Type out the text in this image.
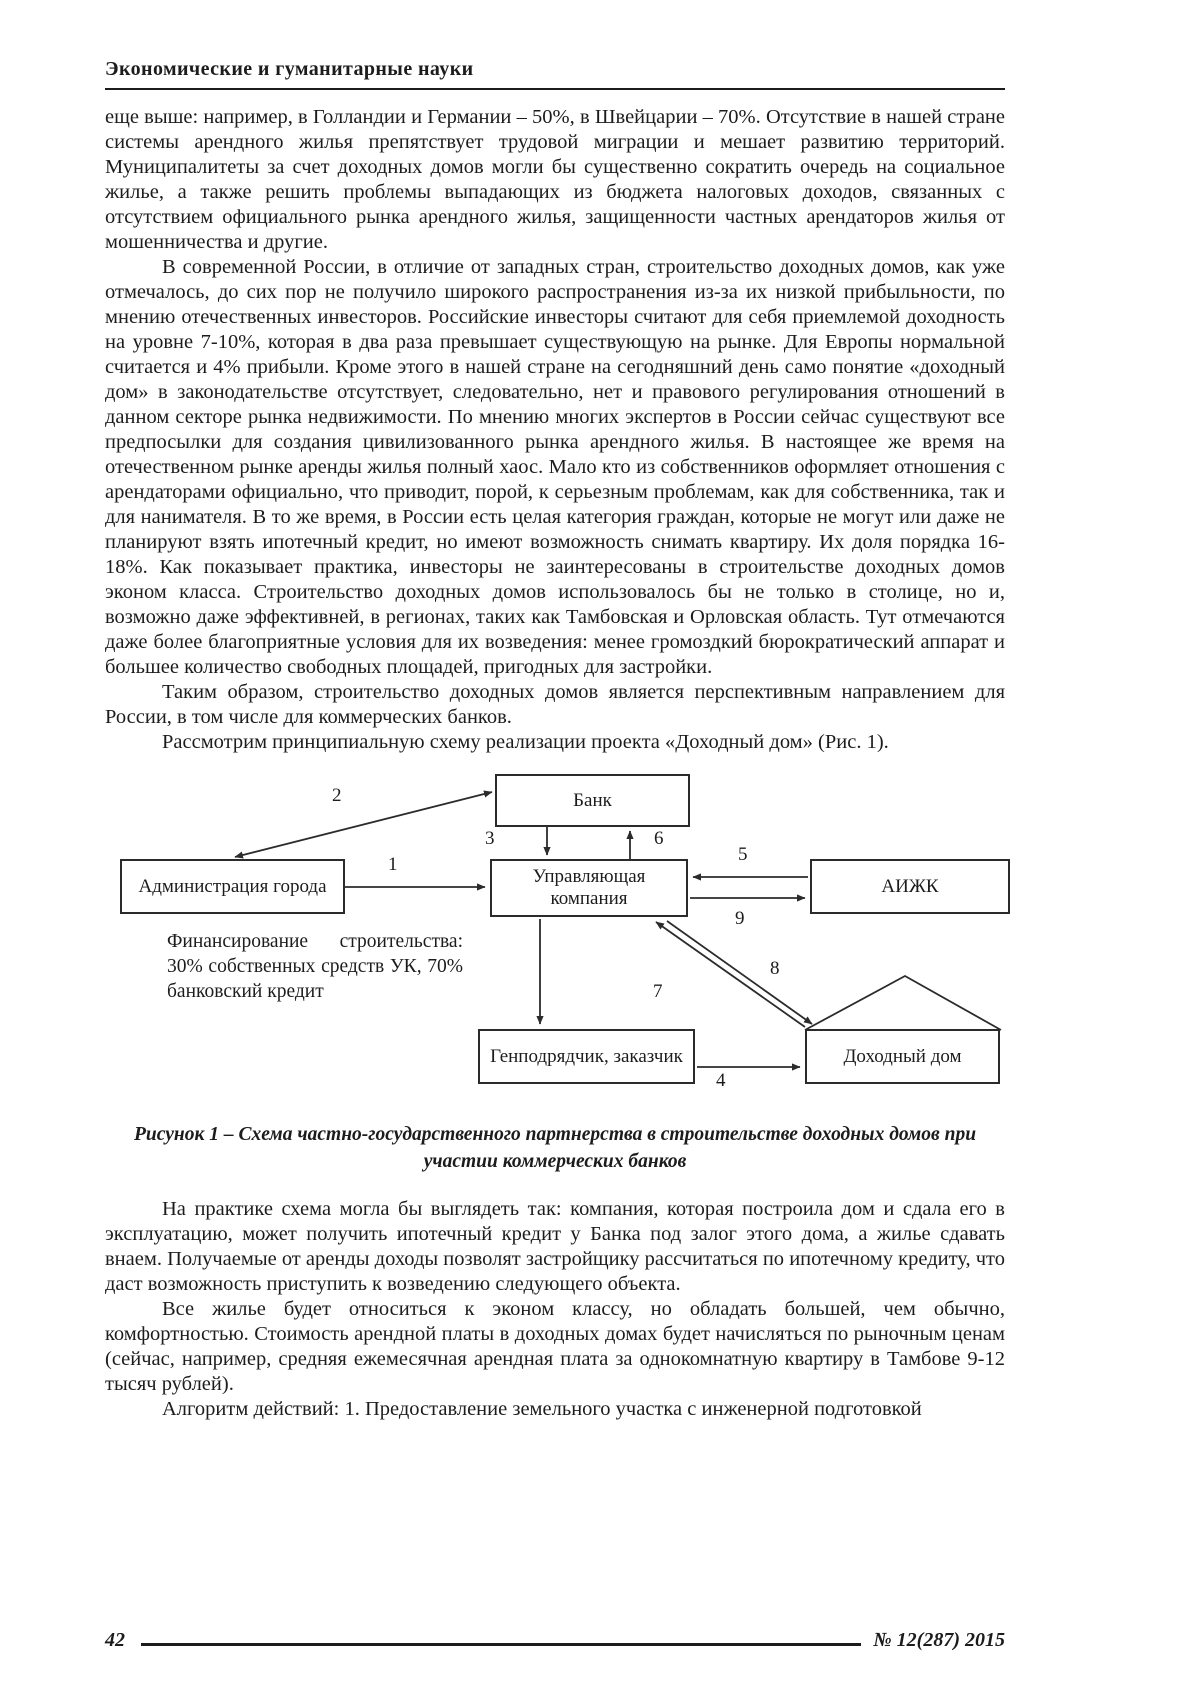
Экономические и гуманитарные науки

еще выше: например, в Голландии и Германии – 50%, в Швейцарии – 70%. Отсутствие в нашей стране системы арендного жилья препятствует трудовой миграции и мешает развитию территорий. Муниципалитеты за счет доходных домов могли бы существенно сократить очередь на социальное жилье, а также решить проблемы выпадающих из бюджета налоговых доходов, связанных с отсутствием официального рынка арендного жилья, защищенности частных арендаторов жилья от мошенничества и другие.

В современной России, в отличие от западных стран, строительство доходных домов, как уже отмечалось, до сих пор не получило широкого распространения из-за их низкой прибыльности, по мнению отечественных инвесторов. Российские инвесторы считают для себя приемлемой доходность на уровне 7-10%, которая в два раза превышает существующую на рынке. Для Европы нормальной считается и 4% прибыли. Кроме этого в нашей стране на сегодняшний день само понятие «доходный дом» в законодательстве отсутствует, следовательно, нет и правового регулирования отношений в данном секторе рынка недвижимости. По мнению многих экспертов в России сейчас существуют все предпосылки для создания цивилизованного рынка арендного жилья. В настоящее же время на отечественном рынке аренды жилья полный хаос. Мало кто из собственников оформляет отношения с арендаторами официально, что приводит, порой, к серьезным проблемам, как для собственника, так и для нанимателя. В то же время, в России есть целая категория граждан, которые не могут или даже не планируют взять ипотечный кредит, но имеют возможность снимать квартиру. Их доля порядка 16-18%. Как показывает практика, инвесторы не заинтересованы в строительстве доходных домов эконом класса. Строительство доходных домов использовалось бы не только в столице, но и, возможно даже эффективней, в регионах, таких как Тамбовская и Орловская область. Тут отмечаются даже более благоприятные условия для их возведения: менее громоздкий бюрократический аппарат и большее количество свободных площадей, пригодных для застройки.

Таким образом, строительство доходных домов является перспективным направлением для России, в том числе для коммерческих банков.

Рассмотрим принципиальную схему реализации проекта «Доходный дом» (Рис. 1).

Банк
Администрация города	Управляющая компания
АИЖК
Генподрядчик, заказчик	Доходный дом
Финансирование строительства: 30% собственных средств УК, 70% банковский кредит
1
2
3
4
5
6
7
8
9
Рисунок 1 – Схема частно-государственного партнерства в строительстве доходных домов при участии коммерческих банков

На практике схема могла бы выглядеть так: компания, которая построила дом и сдала его в эксплуатацию, может получить ипотечный кредит у Банка под залог этого дома, а жилье сдавать внаем. Получаемые от аренды доходы позволят застройщику рассчитаться по ипотечному кредиту, что даст возможность приступить к возведению следующего объекта.

Все жилье будет относиться к эконом классу, но обладать большей, чем обычно, комфортностью. Стоимость арендной платы в доходных домах будет начисляться по рыночным ценам (сейчас, например, средняя ежемесячная арендная плата за однокомнатную квартиру в Тамбове 9-12 тысяч рублей).

Алгоритм действий: 1. Предоставление земельного участка с инженерной подготовкой

42	№ 12(287) 2015
